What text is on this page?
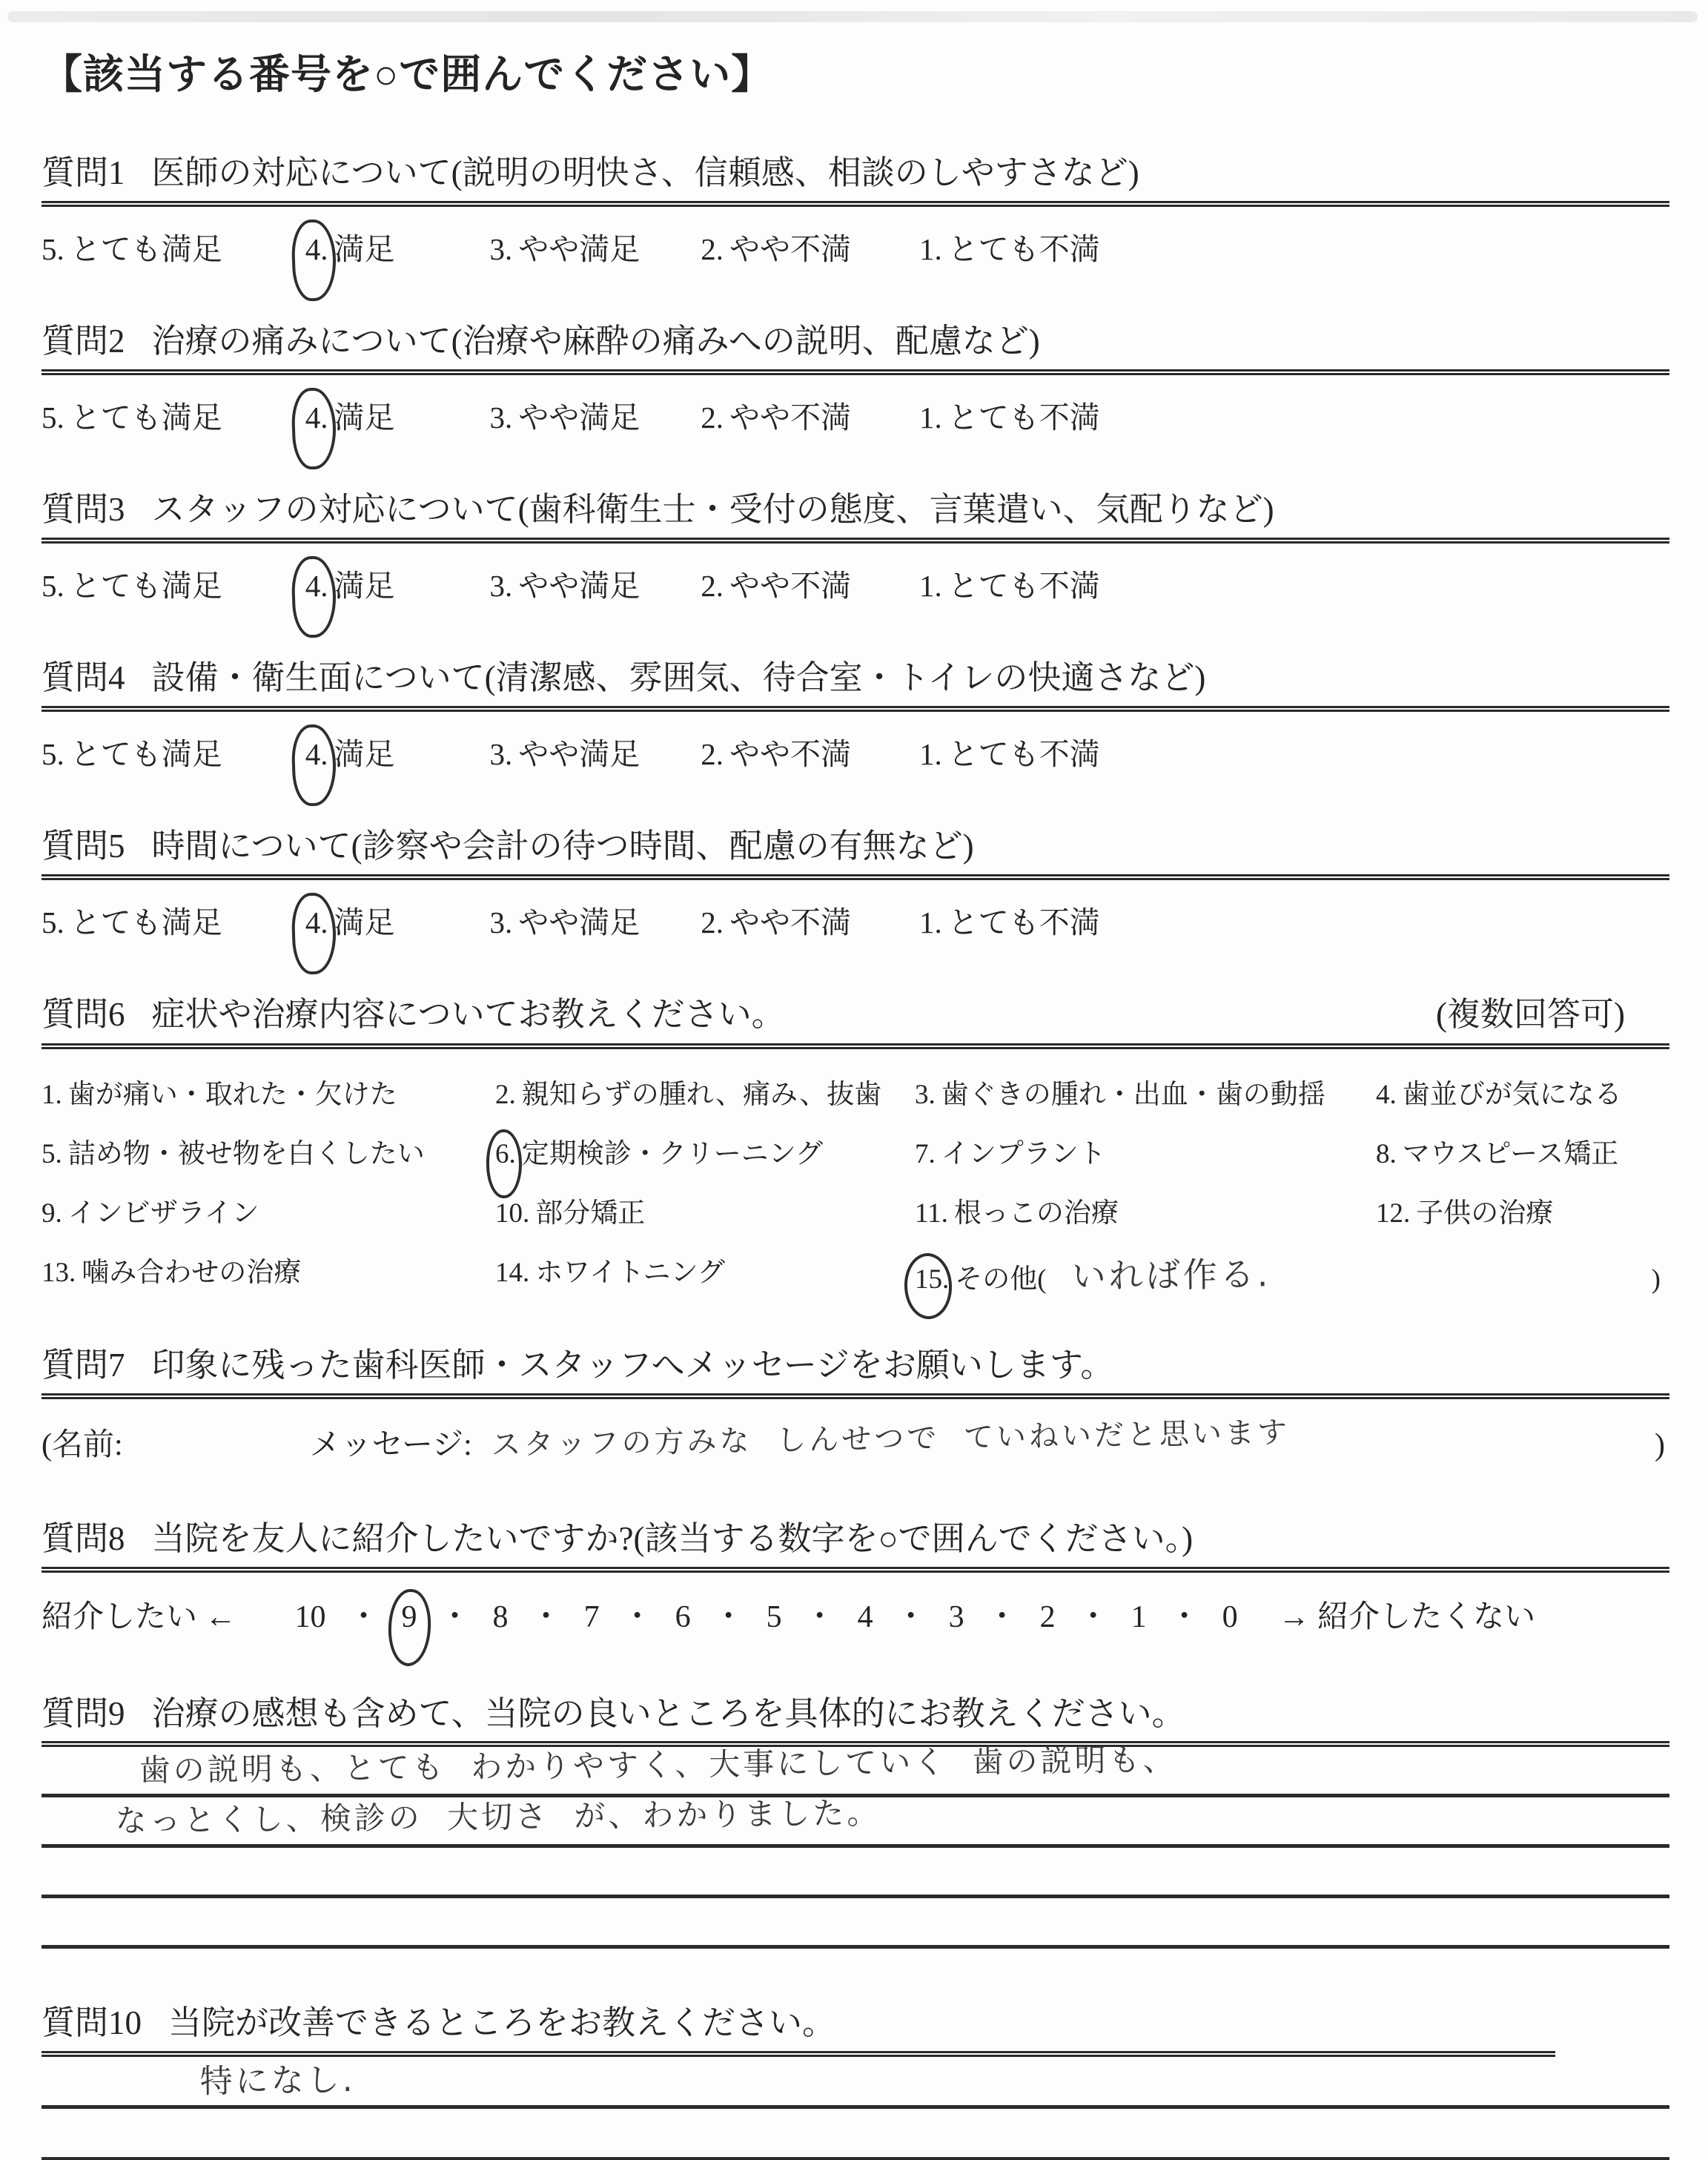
【該当する番号を○で囲んでください】
質問1 医師の対応について(説明の明快さ、信頼感、相談のしやすさなど)
5. とても満足	4. 満足	3. やや満足 2. やや不満 1. とても不満
質問2 治療の痛みについて(治療や麻酔の痛みへの説明、配慮など)
5. とても満足	4. 満足	3. やや満足 2. やや不満 1. とても不満
質問3 スタッフの対応について(歯科衛生士・受付の態度、言葉遣い、気配りなど)
5. とても満足	4. 満足	3. やや満足 2. やや不満 1. とても不満
質問4 設備・衛生面について(清潔感、雰囲気、待合室・トイレの快適さなど)
5. とても満足	4. 満足	3. やや満足 2. やや不満 1. とても不満
質問5 時間について(診察や会計の待つ時間、配慮の有無など)
5. とても満足	4. 満足	3. やや満足 2. やや不満 1. とても不満
質問6 症状や治療内容についてお教えください。	(複数回答可)
1. 歯が痛い・取れた・欠けた	2. 親知らずの腫れ、痛み、抜歯	3. 歯ぐきの腫れ・出血・歯の動揺	4. 歯並びが気になる
5. 詰め物・被せ物を白くしたい	6. 定期検診・クリーニング	7. インプラント	8. マウスピース矯正
9. インビザライン	10. 部分矯正	11. 根っこの治療	12. 子供の治療
13. 噛み合わせの治療	14. ホワイトニング	15. その他( いれば作る.	)
質問7 印象に残った歯科医師・スタッフへメッセージをお願いします。
(名前:	メッセージ: スタッフの方みな しんせつで ていねいだと思います	)
質問8 当院を友人に紹介したいですか?(該当する数字を○で囲んでください。)
紹介したい ← 10 ・ 9 ・ 8 ・ 7 ・ 6 ・ 5 ・ 4 ・ 3 ・ 2 ・ 1 ・ 0 → 紹介したくない
質問9 治療の感想も含めて、当院の良いところを具体的にお教えください。
歯の説明も、とても わかりやすく、大事にしていく 歯の説明も、
なっとくし、検診の 大切さ が、わかりました。
質問10 当院が改善できるところをお教えください。
特になし.
